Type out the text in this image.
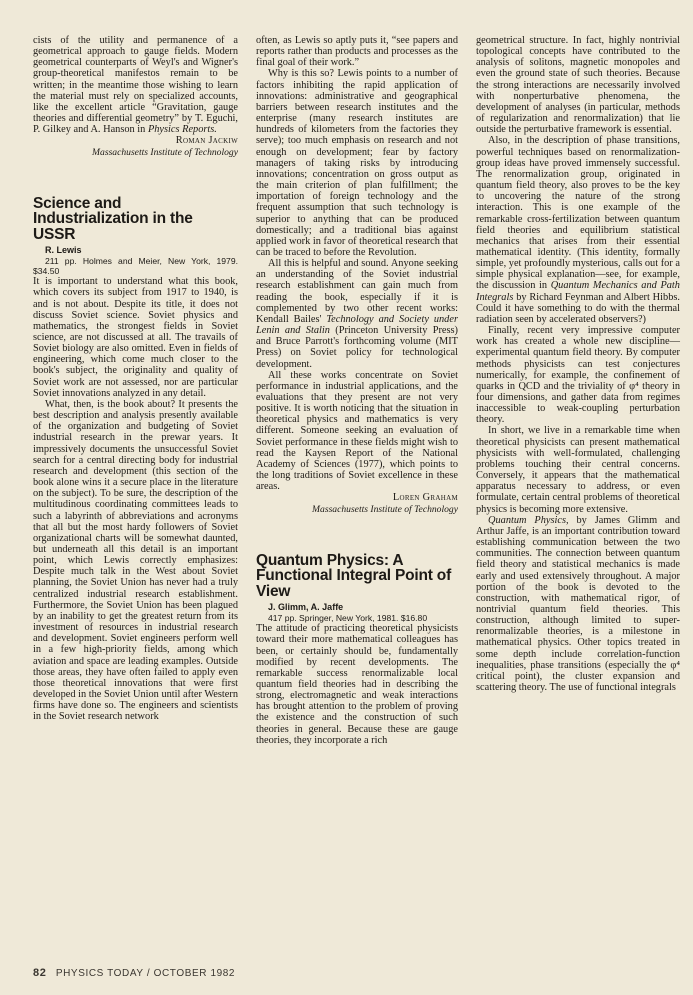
cists of the utility and permanence of a geometrical approach to gauge fields. Modern geometrical counterparts of Weyl's and Wigner's group-theoretical manifestos remain to be written; in the meantime those wishing to learn the material must rely on specialized accounts, like the excellent article “Gravitation, gauge theories and differential geometry” by T. Eguchi, P. Gilkey and A. Hanson in Physics Reports.

Roman Jackiw

Massachusetts Institute of Technology

Science and Industrialization in the USSR

R. Lewis

211 pp. Holmes and Meier, New York, 1979. $34.50

It is important to understand what this book, which covers its subject from 1917 to 1940, is and is not about. Despite its title, it does not discuss Soviet science. Soviet physics and mathematics, the strongest fields in Soviet science, are not discussed at all. The travails of Soviet biology are also omitted. Even in fields of engineering, which come much closer to the book's subject, the originality and quality of Soviet work are not assessed, nor are particular Soviet innovations analyzed in any detail.

What, then, is the book about? It presents the best description and analysis presently available of the organization and budgeting of Soviet industrial research in the prewar years. It impressively documents the unsuccessful Soviet search for a central directing body for industrial research and development (this section of the book alone wins it a secure place in the literature on the subject). To be sure, the description of the multitudinous coordinating committees leads to such a labyrinth of abbreviations and acronyms that all but the most hardy followers of Soviet organizational charts will be somewhat daunted, but underneath all this detail is an important point, which Lewis correctly emphasizes: Despite much talk in the West about Soviet planning, the Soviet Union has never had a truly centralized industrial research establishment. Furthermore, the Soviet Union has been plagued by an inability to get the greatest return from its investment of resources in industrial research and development. Soviet engineers perform well in a few high-priority fields, among which aviation and space are leading examples. Outside those areas, they have often failed to apply even those theoretical innovations that were first developed in the Soviet Union until after Western firms have done so. The engineers and scientists in the Soviet research network

often, as Lewis so aptly puts it, “see papers and reports rather than products and processes as the final goal of their work.”

Why is this so? Lewis points to a number of factors inhibiting the rapid application of innovations: administrative and geographical barriers between research institutes and the enterprise (many research institutes are hundreds of kilometers from the factories they serve); too much emphasis on research and not enough on development; fear by factory managers of taking risks by introducing innovations; concentration on gross output as the main criterion of plan fulfillment; the importation of foreign technology and the frequent assumption that such technology is superior to anything that can be produced domestically; and a traditional bias against applied work in favor of theoretical research that can be traced to before the Revolution.

All this is helpful and sound. Anyone seeking an understanding of the Soviet industrial research establishment can gain much from reading the book, especially if it is complemented by two other recent works: Kendall Bailes' Technology and Society under Lenin and Stalin (Princeton University Press) and Bruce Parrott's forthcoming volume (MIT Press) on Soviet policy for technological development.

All these works concentrate on Soviet performance in industrial applications, and the evaluations that they present are not very positive. It is worth noticing that the situation in theoretical physics and mathematics is very different. Someone seeking an evaluation of Soviet performance in these fields might wish to read the Kaysen Report of the National Academy of Sciences (1977), which points to the long traditions of Soviet excellence in these areas.

Loren Graham

Massachusetts Institute of Technology

Quantum Physics: A Functional Integral Point of View

J. Glimm, A. Jaffe

417 pp. Springer, New York, 1981. $16.80

The attitude of practicing theoretical physicists toward their more mathematical colleagues has been, or certainly should be, fundamentally modified by recent developments. The remarkable success renormalizable local quantum field theories had in describing the strong, electromagnetic and weak interactions has brought attention to the problem of proving the existence and the construction of such theories in general. Because these are gauge theories, they incorporate a rich

geometrical structure. In fact, highly nontrivial topological concepts have contributed to the analysis of solitons, magnetic monopoles and even the ground state of such theories. Because the strong interactions are necessarily involved with nonperturbative phenomena, the development of analyses (in particular, methods of regularization and renormalization) that lie outside the perturbative framework is essential.

Also, in the description of phase transitions, powerful techniques based on renormalization-group ideas have proved immensely successful. The renormalization group, originated in quantum field theory, also proves to be the key to uncovering the nature of the strong interaction. This is one example of the remarkable cross-fertilization between quantum field theories and equilibrium statistical mechanics that arises from their essential mathematical identity. (This identity, formally simple, yet profoundly mysterious, calls out for a simple physical explanation—see, for example, the discussion in Quantum Mechanics and Path Integrals by Richard Feynman and Albert Hibbs. Could it have something to do with the thermal radiation seen by accelerated observers?)

Finally, recent very impressive computer work has created a whole new discipline—experimental quantum field theory. By computer methods physicists can test conjectures numerically, for example, the confinement of quarks in QCD and the triviality of φ⁴ theory in four dimensions, and gather data from regimes inaccessible to weak-coupling perturbation theory.

In short, we live in a remarkable time when theoretical physicists can present mathematical physicists with well-formulated, challenging problems touching their central concerns. Conversely, it appears that the mathematical apparatus necessary to address, or even formulate, certain central problems of theoretical physics is becoming more extensive.

Quantum Physics, by James Glimm and Arthur Jaffe, is an important contribution toward establishing communication between the two communities. The connection between quantum field theory and statistical mechanics is made early and used extensively throughout. A major portion of the book is devoted to the construction, with mathematical rigor, of nontrivial quantum field theories. This construction, although limited to super-renormalizable theories, is a milestone in mathematical physics. Other topics treated in some depth include correlation-function inequalities, phase transitions (especially the φ⁴ critical point), the cluster expansion and scattering theory. The use of functional integrals

82 PHYSICS TODAY / OCTOBER 1982
